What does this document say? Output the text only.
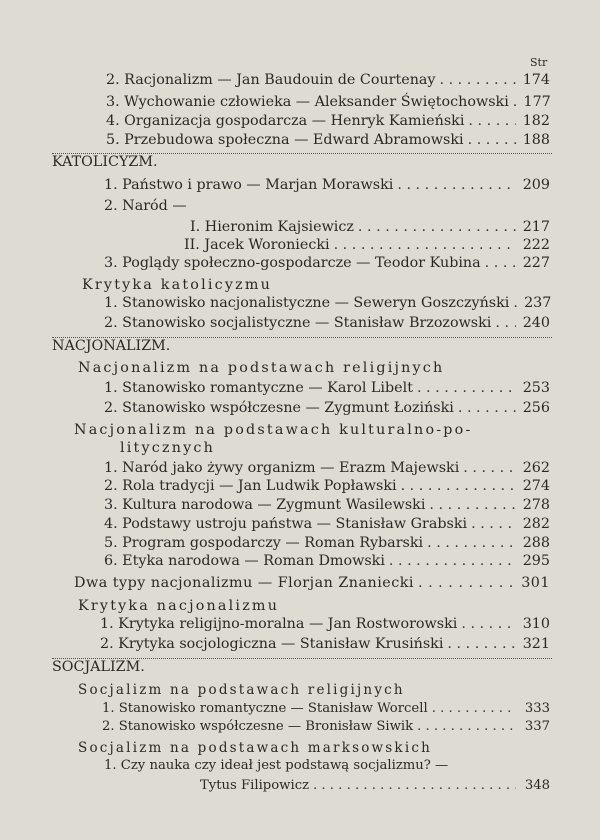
Str
2. Racjonalizm — Jan Baudouin de Courtenay . . .	174
3. Wychowanie człowieka — Aleksander Świętochowski . . .	177
4. Organizacja gospodarcza — Henryk Kamieński . . .	182
5. Przebudowa społeczna — Edward Abramowski . . .	188
KATOLICYZM.
1. Państwo i prawo — Marjan Morawski . . .	209
2. Naród —
I. Hieronim Kajsiewicz . . .	217
II. Jacek Woroniecki . . .	222
3. Poglądy społeczno-gospodarcze — Teodor Kubina . . .	227
Krytyka katolicyzmu
1. Stanowisko nacjonalistyczne — Seweryn Goszczyński . . .	237
2. Stanowisko socjalistyczne — Stanisław Brzozowski . . .	240
NACJONALIZM.
Nacjonalizm na podstawach religijnych
1. Stanowisko romantyczne — Karol Libelt . . .	253
2. Stanowisko współczesne — Zygmunt Łoziński . . .	256
Nacjonalizm na podstawach kulturalno-po-
litycznych
1. Naród jako żywy organizm — Erazm Majewski . . .	262
2. Rola tradycji — Jan Ludwik Popławski . . .	274
3. Kultura narodowa — Zygmunt Wasilewski . . .	278
4. Podstawy ustroju państwa — Stanisław Grabski . . .	282
5. Program gospodarczy — Roman Rybarski . . .	288
6. Etyka narodowa — Roman Dmowski . . .	295
Dwa typy nacjonalizmu — Florjan Znaniecki . . .	301
Krytyka nacjonalizmu
1. Krytyka religijno-moralna — Jan Rostworowski . . .	310
2. Krytyka socjologiczna — Stanisław Krusiński . . .	321
SOCJALIZM.
Socjalizm na podstawach religijnych
1. Stanowisko romantyczne — Stanisław Worcell . . .	333
2. Stanowisko współczesne — Bronisław Siwik . . .	337
Socjalizm na podstawach marksowskich
1. Czy nauka czy ideał jest podstawą socjalizmu? —
Tytus Filipowicz . . .	348
